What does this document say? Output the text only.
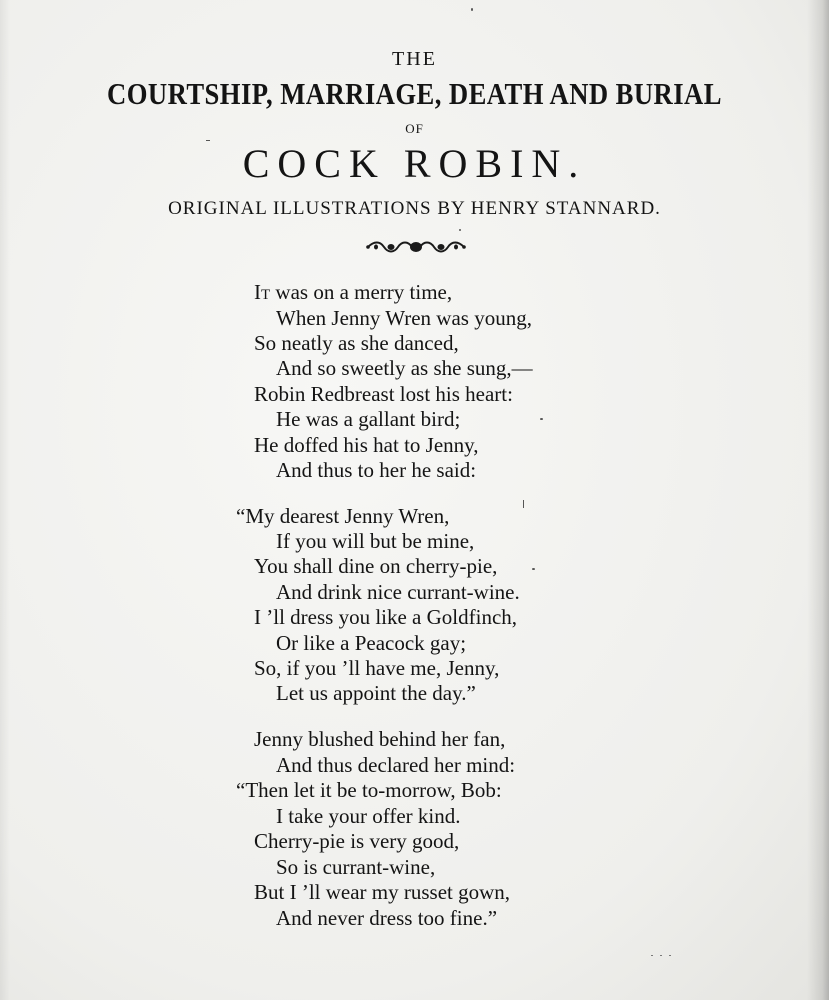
THE
COURTSHIP, MARRIAGE, DEATH AND BURIAL
OF
COCK ROBIN.
ORIGINAL ILLUSTRATIONS BY HENRY STANNARD.
It was on a merry time,
When Jenny Wren was young,
So neatly as she danced,
And so sweetly as she sung,—
Robin Redbreast lost his heart:
He was a gallant bird;
He doffed his hat to Jenny,
And thus to her he said:
“My dearest Jenny Wren,
If you will but be mine,
You shall dine on cherry-pie,
And drink nice currant-wine.
I ’ll dress you like a Goldfinch,
Or like a Peacock gay;
So, if you ’ll have me, Jenny,
Let us appoint the day.”
Jenny blushed behind her fan,
And thus declared her mind:
“Then let it be to-morrow, Bob:
I take your offer kind.
Cherry-pie is very good,
So is currant-wine,
But I ’ll wear my russet gown,
And never dress too fine.”
